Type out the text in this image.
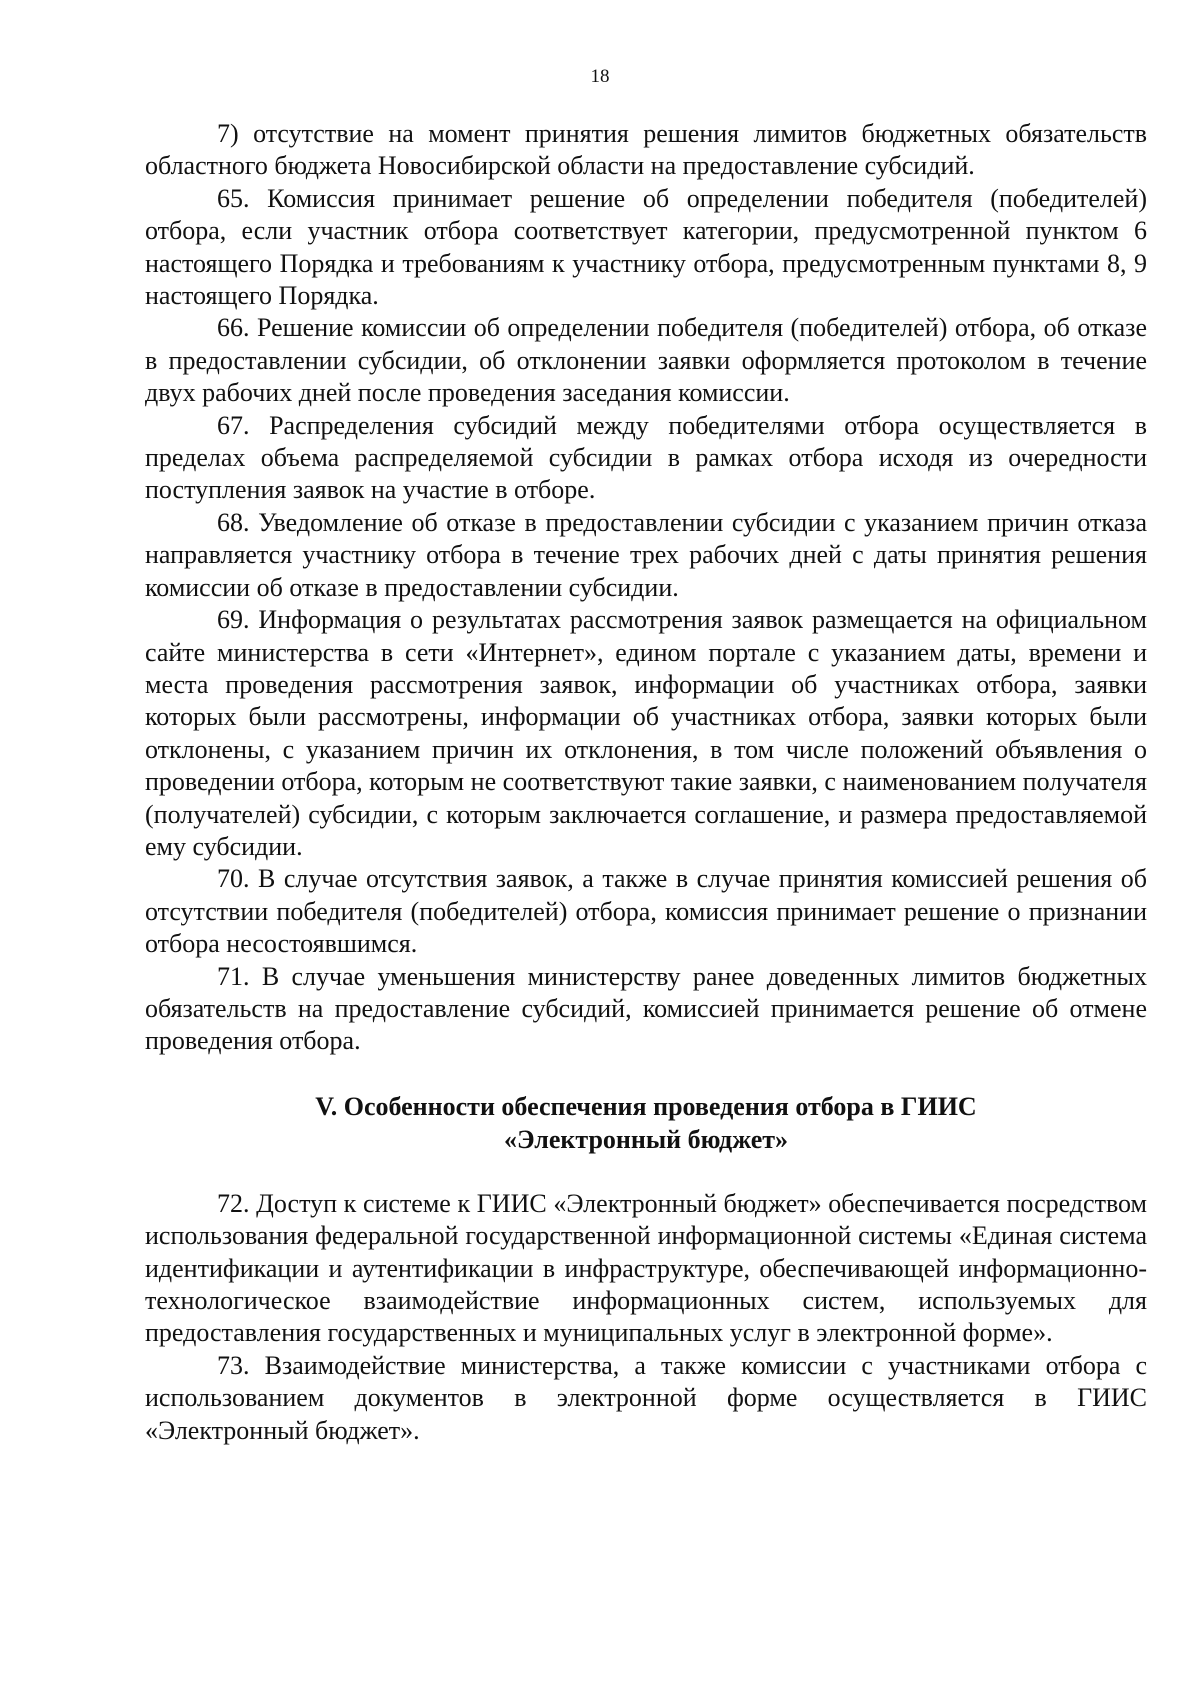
18

7) отсутствие на момент принятия решения лимитов бюджетных обязательств областного бюджета Новосибирской области на предоставление субсидий.

65. Комиссия принимает решение об определении победителя (победителей) отбора, если участник отбора соответствует категории, предусмотренной пунктом 6 настоящего Порядка и требованиям к участнику отбора, предусмотренным пунктами 8, 9 настоящего Порядка.

66. Решение комиссии об определении победителя (победителей) отбора, об отказе в предоставлении субсидии, об отклонении заявки оформляется протоколом в течение двух рабочих дней после проведения заседания комиссии.

67. Распределения субсидий между победителями отбора осуществляется в пределах объема распределяемой субсидии в рамках отбора исходя из очередности поступления заявок на участие в отборе.

68. Уведомление об отказе в предоставлении субсидии с указанием причин отказа направляется участнику отбора в течение трех рабочих дней с даты принятия решения комиссии об отказе в предоставлении субсидии.

69. Информация о результатах рассмотрения заявок размещается на официальном сайте министерства в сети «Интернет», едином портале с указанием даты, времени и места проведения рассмотрения заявок, информации об участниках отбора, заявки которых были рассмотрены, информации об участниках отбора, заявки которых были отклонены, с указанием причин их отклонения, в том числе положений объявления о проведении отбора, которым не соответствуют такие заявки, с наименованием получателя (получателей) субсидии, с которым заключается соглашение, и размера предоставляемой ему субсидии.

70. В случае отсутствия заявок, а также в случае принятия комиссией решения об отсутствии победителя (победителей) отбора, комиссия принимает решение о признании отбора несостоявшимся.

71. В случае уменьшения министерству ранее доведенных лимитов бюджетных обязательств на предоставление субсидий, комиссией принимается решение об отмене проведения отбора.

V. Особенности обеспечения проведения отбора в ГИИС
«Электронный бюджет»

72. Доступ к системе к ГИИС «Электронный бюджет» обеспечивается посредством использования федеральной государственной информационной системы «Единая система идентификации и аутентификации в инфраструктуре, обеспечивающей информационно-технологическое взаимодействие информационных систем, используемых для предоставления государственных и муниципальных услуг в электронной форме».

73. Взаимодействие министерства, а также комиссии с участниками отбора с использованием документов в электронной форме осуществляется в ГИИС «Электронный бюджет».
